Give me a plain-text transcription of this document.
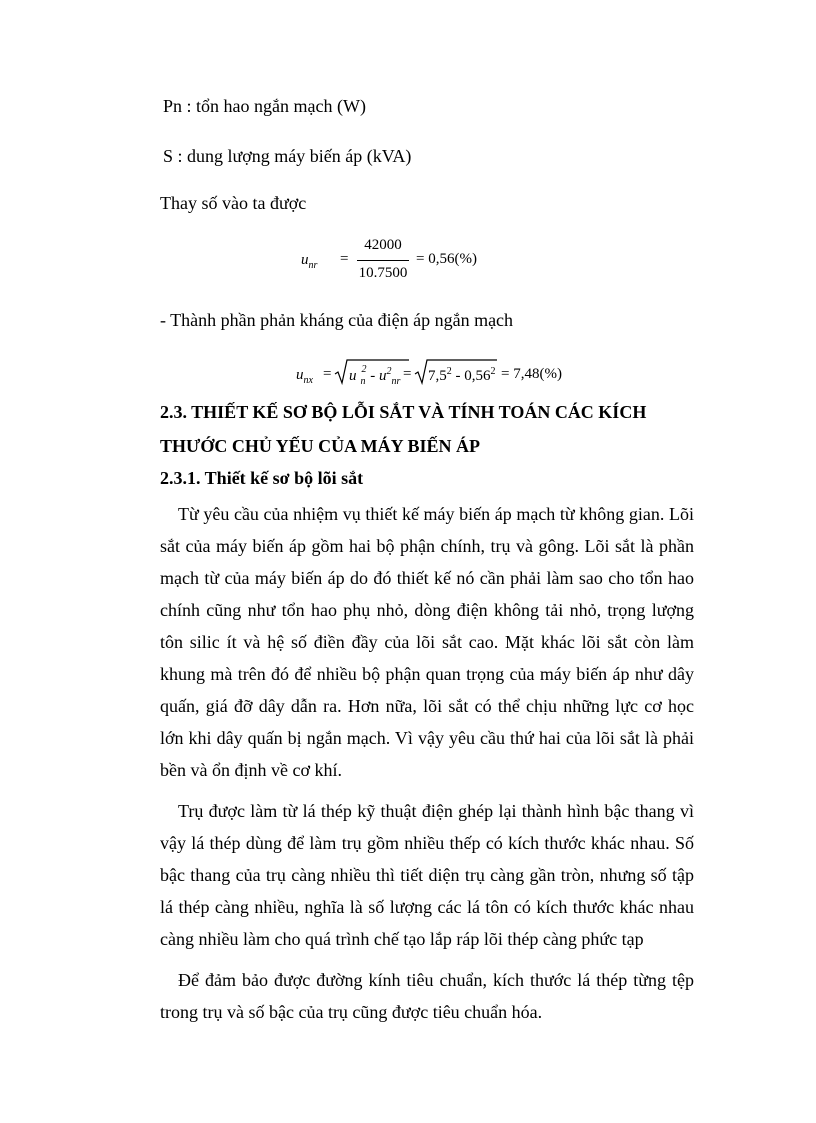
Pn : tổn hao ngắn mạch (W)
S : dung lượng máy biến áp (kVA)
Thay số vào ta được
$u_{nr}$ =
42000
10.7500
= 0,56(%)
- Thành phần phản kháng của điện áp ngắn mạch
$u_{nx} = u$ $^2_n - u^2_{nr} = 7,5^2 - 0,56^2 = 7,48(\%)$
2.3. THIẾT KẾ SƠ BỘ LỖI SẮT VÀ TÍNH TOÁN CÁC KÍCH
THƯỚC CHỦ YẾU CỦA MÁY BIẾN ÁP
2.3.1. Thiết kế sơ bộ lõi sắt

Từ yêu cầu của nhiệm vụ thiết kế máy biến áp mạch từ không gian. Lõi sắt của máy biến áp gồm hai bộ phận chính, trụ và gông. Lõi sắt là phần mạch từ của máy biến áp do đó thiết kế nó cần phải làm sao cho tổn hao chính cũng như tổn hao phụ nhỏ, dòng điện không tải nhỏ, trọng lượng tôn silic ít và hệ số điền đầy của lõi sắt cao. Mặt khác lõi sắt còn làm khung mà trên đó để nhiều bộ phận quan trọng của máy biến áp như dây quấn, giá đỡ dây dẫn ra. Hơn nữa, lõi sắt có thể chịu những lực cơ học lớn khi dây quấn bị ngắn mạch. Vì vậy yêu cầu thứ hai của lõi sắt là phải bền và ổn định về cơ khí.

Trụ được làm từ lá thép kỹ thuật điện ghép lại thành hình bậc thang vì vậy lá thép dùng để làm trụ gồm nhiều thếp có kích thước khác nhau. Số bậc thang của trụ càng nhiều thì tiết diện trụ càng gần tròn, nhưng số tập lá thép càng nhiều, nghĩa là số lượng các lá tôn có kích thước khác nhau càng nhiều làm cho quá trình chế tạo lắp ráp lõi thép càng phức tạp

Để đảm bảo được đường kính tiêu chuẩn, kích thước lá thép từng tệp trong trụ và số bậc của trụ cũng được tiêu chuẩn hóa.
